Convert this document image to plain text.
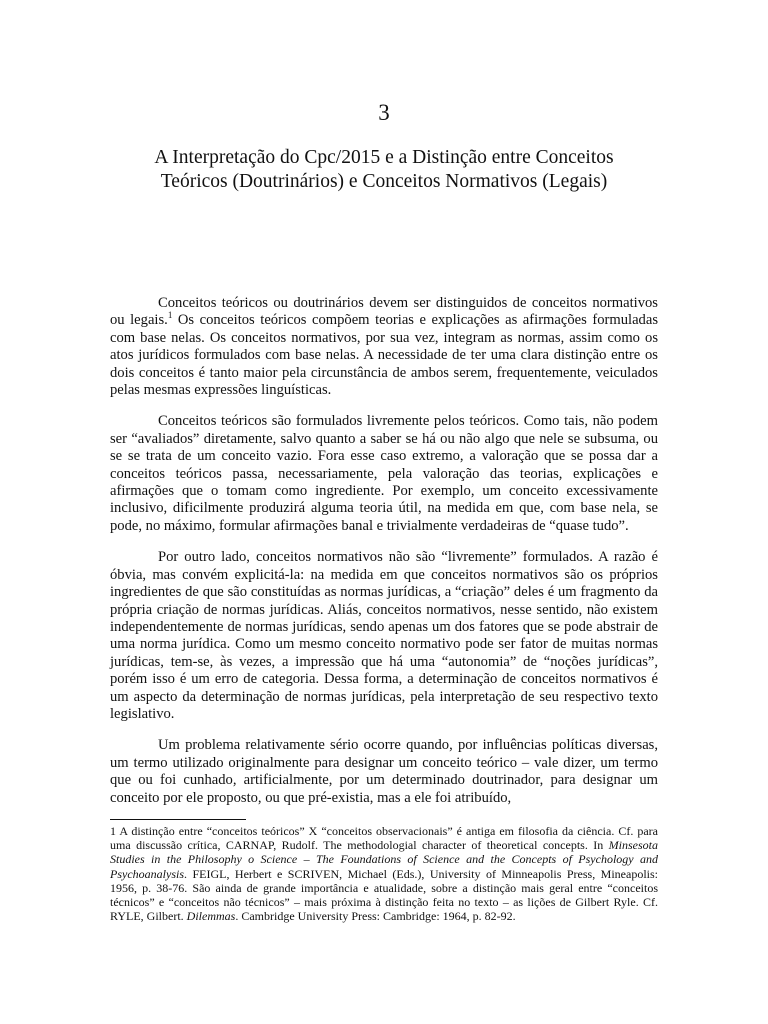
3
A Interpretação do Cpc/2015 e a Distinção entre Conceitos
Teóricos (Doutrinários) e Conceitos Normativos (Legais)

Conceitos teóricos ou doutrinários devem ser distinguidos de conceitos normativos ou legais.$^1$ Os conceitos teóricos compõem teorias e explicações as afirmações formuladas com base nelas. Os conceitos normativos, por sua vez, integram as normas, assim como os atos jurídicos formulados com base nelas. A necessidade de ter uma clara distinção entre os dois conceitos é tanto maior pela circunstância de ambos serem, frequentemente, veiculados pelas mesmas expressões linguísticas.

Conceitos teóricos são formulados livremente pelos teóricos. Como tais, não podem ser “avaliados” diretamente, salvo quanto a saber se há ou não algo que nele se subsuma, ou se se trata de um conceito vazio. Fora esse caso extremo, a valoração que se possa dar a conceitos teóricos passa, necessariamente, pela valoração das teorias, explicações e afirmações que o tomam como ingrediente. Por exemplo, um conceito excessivamente inclusivo, dificilmente produzirá alguma teoria útil, na medida em que, com base nela, se pode, no máximo, formular afirmações banal e trivialmente verdadeiras de “quase tudo”.

Por outro lado, conceitos normativos não são “livremente” formulados. A razão é óbvia, mas convém explicitá-la: na medida em que conceitos normativos são os próprios ingredientes de que são constituídas as normas jurídicas, a “criação” deles é um fragmento da própria criação de normas jurídicas. Aliás, conceitos normativos, nesse sentido, não existem independentemente de normas jurídicas, sendo apenas um dos fatores que se pode abstrair de uma norma jurídica. Como um mesmo conceito normativo pode ser fator de muitas normas jurídicas, tem-se, às vezes, a impressão que há uma “autonomia” de “noções jurídicas”, porém isso é um erro de categoria. Dessa forma, a determinação de conceitos normativos é um aspecto da determinação de normas jurídicas, pela interpretação de seu respectivo texto legislativo.

Um problema relativamente sério ocorre quando, por influências políticas diversas, um termo utilizado originalmente para designar um conceito teórico – vale dizer, um termo que ou foi cunhado, artificialmente, por um determinado doutrinador, para designar um conceito por ele proposto, ou que pré-existia, mas a ele foi atribuído,

1 A distinção entre “conceitos teóricos” X “conceitos observacionais” é antiga em filosofia da ciência. Cf. para uma discussão crítica, CARNAP, Rudolf. The methodologial character of theoretical concepts. In Minsesota Studies in the Philosophy o Science – The Foundations of Science and the Concepts of Psychology and Psychoanalysis. FEIGL, Herbert e SCRIVEN, Michael (Eds.), University of Minneapolis Press, Mineapolis: 1956, p. 38-76. São ainda de grande importância e atualidade, sobre a distinção mais geral entre “conceitos técnicos” e “conceitos não técnicos” – mais próxima à distinção feita no texto – as lições de Gilbert Ryle. Cf. RYLE, Gilbert. Dilemmas. Cambridge University Press: Cambridge: 1964, p. 82-92.
